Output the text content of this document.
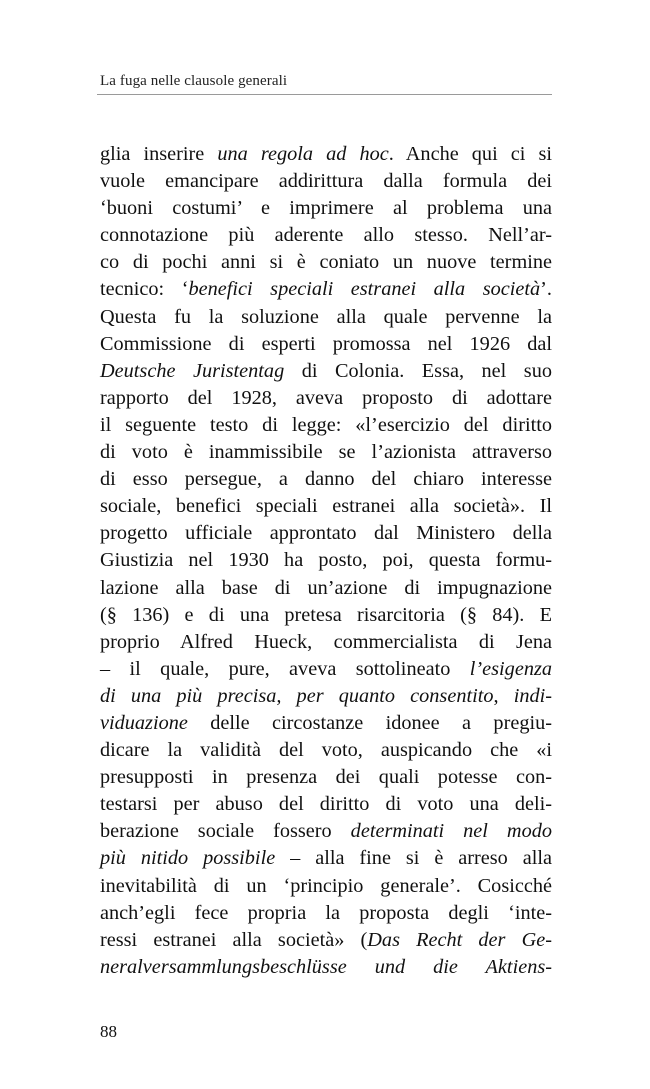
La fuga nelle clausole generali
glia inserire una regola ad hoc. Anche qui ci si
vuole emancipare addirittura dalla formula dei
‘buoni costumi’ e imprimere al problema una
connotazione più aderente allo stesso. Nell’ar-
co di pochi anni si è coniato un nuove termine
tecnico: ‘benefici speciali estranei alla società’.
Questa fu la soluzione alla quale pervenne la
Commissione di esperti promossa nel 1926 dal
Deutsche Juristentag di Colonia. Essa, nel suo
rapporto del 1928, aveva proposto di adottare
il seguente testo di legge: «l’esercizio del diritto
di voto è inammissibile se l’azionista attraverso
di esso persegue, a danno del chiaro interesse
sociale, benefici speciali estranei alla società». Il
progetto ufficiale approntato dal Ministero della
Giustizia nel 1930 ha posto, poi, questa formu-
lazione alla base di un’azione di impugnazione
(§ 136) e di una pretesa risarcitoria (§ 84). E
proprio Alfred Hueck, commercialista di Jena
– il quale, pure, aveva sottolineato l’esigenza
di una più precisa, per quanto consentito, indi-
viduazione delle circostanze idonee a pregiu-
dicare la validità del voto, auspicando che «i
presupposti in presenza dei quali potesse con-
testarsi per abuso del diritto di voto una deli-
berazione sociale fossero determinati nel modo
più nitido possibile – alla fine si è arreso alla
inevitabilità di un ‘principio generale’. Cosicché
anch’egli fece propria la proposta degli ‘inte-
ressi estranei alla società» (Das Recht der Ge-
neralversammlungsbeschlüsse und die Aktiens-
88
